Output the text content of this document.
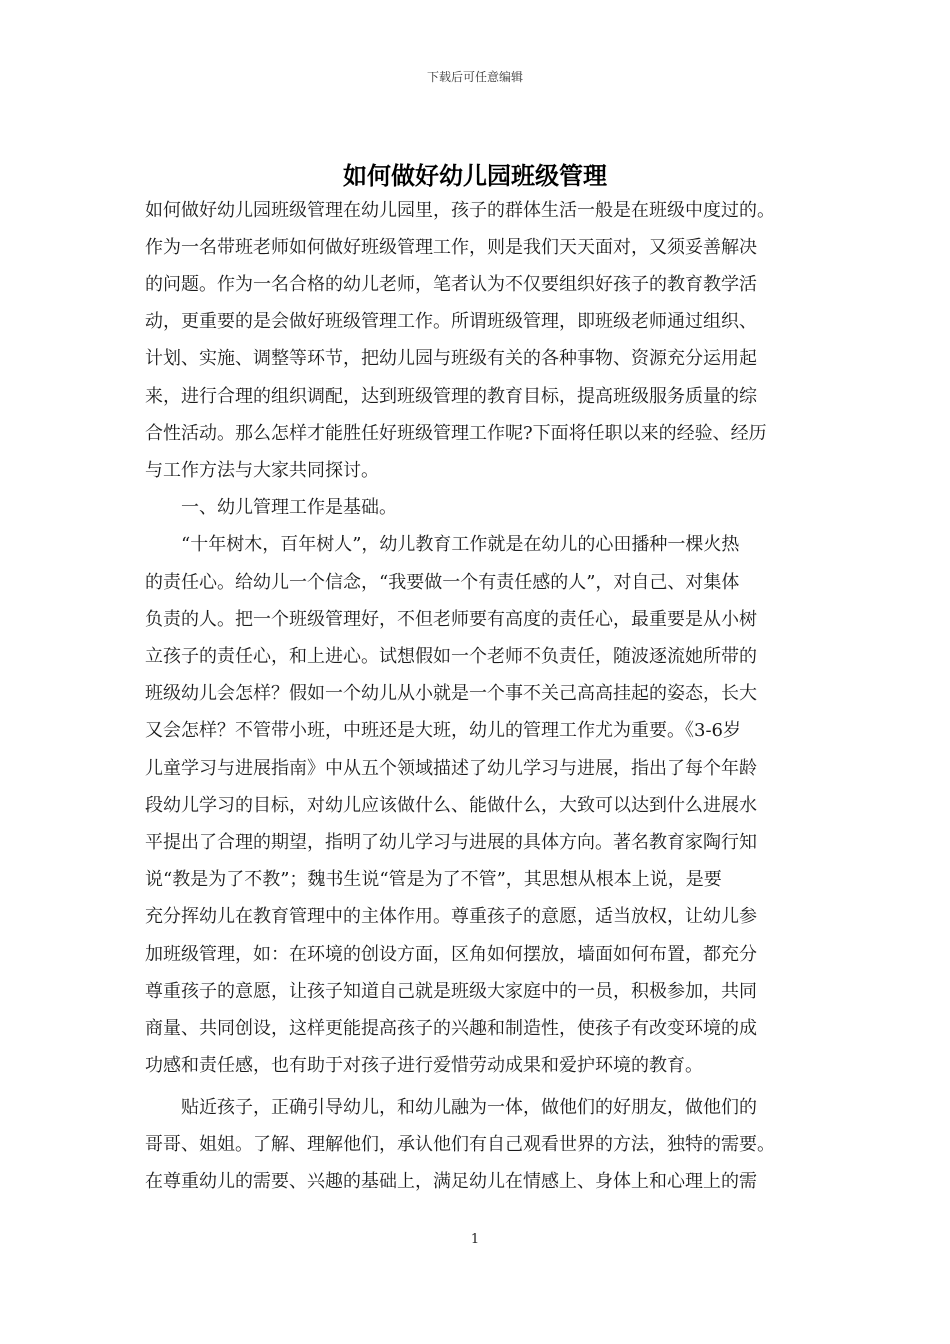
下载后可任意编辑
如何做好幼儿园班级管理
如何做好幼儿园班级管理在幼儿园里，孩子的群体生活一般是在班级中度过的。
作为一名带班老师如何做好班级管理工作，则是我们天天面对，又须妥善解决
的问题。作为一名合格的幼儿老师，笔者认为不仅要组织好孩子的教育教学活
动，更重要的是会做好班级管理工作。所谓班级管理，即班级老师通过组织、
计划、实施、调整等环节，把幼儿园与班级有关的各种事物、资源充分运用起
来，进行合理的组织调配，达到班级管理的教育目标，提高班级服务质量的综
合性活动。那么怎样才能胜任好班级管理工作呢?下面将任职以来的经验、经历
与工作方法与大家共同探讨。
一、幼儿管理工作是基础。
“十年树木，百年树人”，幼儿教育工作就是在幼儿的心田播种一棵火热
的责任心。给幼儿一个信念，“我要做一个有责任感的人”，对自己、对集体
负责的人。把一个班级管理好，不但老师要有高度的责任心，最重要是从小树
立孩子的责任心，和上进心。试想假如一个老师不负责任，随波逐流她所带的
班级幼儿会怎样？假如一个幼儿从小就是一个事不关己高高挂起的姿态，长大
又会怎样？不管带小班，中班还是大班，幼儿的管理工作尤为重要。《3-6岁
儿童学习与进展指南》中从五个领域描述了幼儿学习与进展，指出了每个年龄
段幼儿学习的目标，对幼儿应该做什么、能做什么，大致可以达到什么进展水
平提出了合理的期望，指明了幼儿学习与进展的具体方向。著名教育家陶行知
说“教是为了不教”；魏书生说“管是为了不管”，其思想从根本上说，是要
充分挥幼儿在教育管理中的主体作用。尊重孩子的意愿，适当放权，让幼儿参
加班级管理，如：在环境的创设方面，区角如何摆放，墙面如何布置，都充分
尊重孩子的意愿，让孩子知道自己就是班级大家庭中的一员，积极参加，共同
商量、共同创设，这样更能提高孩子的兴趣和制造性，使孩子有改变环境的成
功感和责任感，也有助于对孩子进行爱惜劳动成果和爱护环境的教育。
贴近孩子，正确引导幼儿，和幼儿融为一体，做他们的好朋友，做他们的
哥哥、姐姐。了解、理解他们，承认他们有自己观看世界的方法，独特的需要。
在尊重幼儿的需要、兴趣的基础上，满足幼儿在情感上、身体上和心理上的需
1
